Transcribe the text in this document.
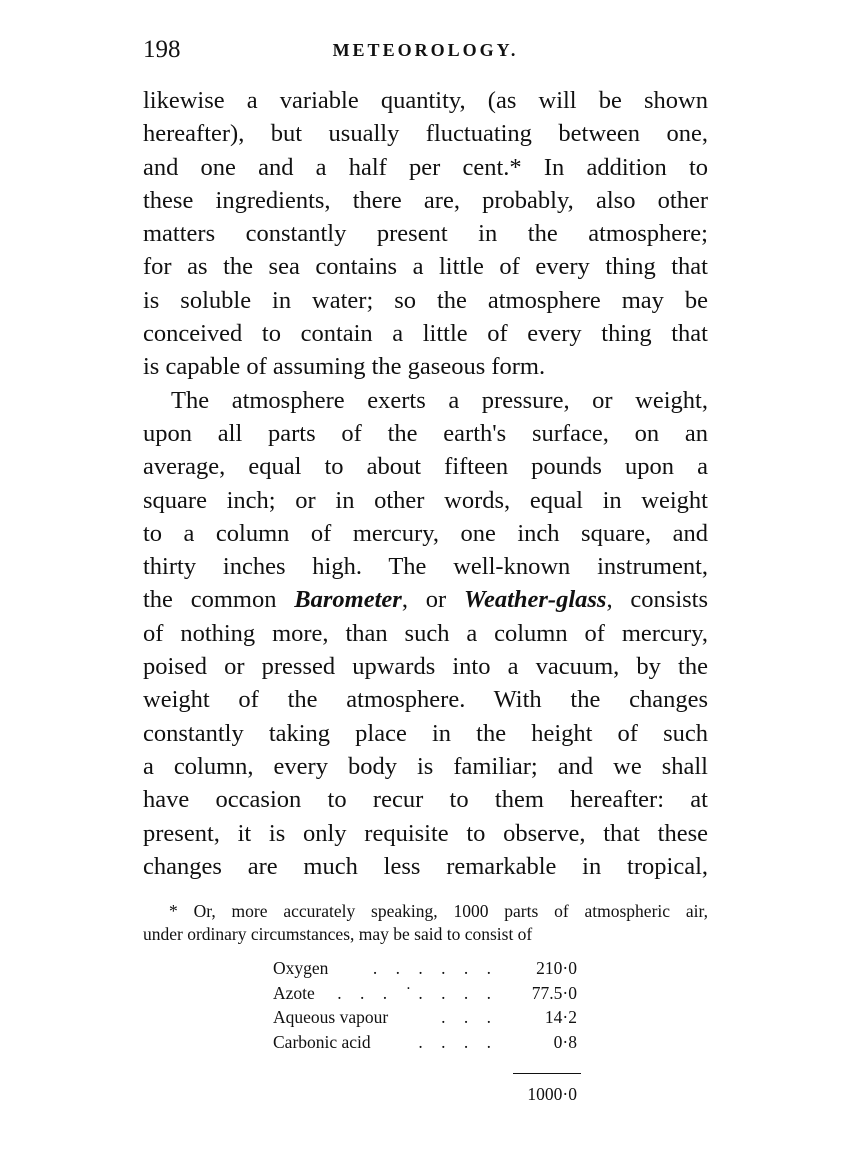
198	METEOROLOGY.
likewise a variable quantity, (as will be shown
hereafter), but usually fluctuating between one,
and one and a half per cent.* In addition to
these ingredients, there are, probably, also other
matters constantly present in the atmosphere;
for as the sea contains a little of every thing that
is soluble in water; so the atmosphere may be
conceived to contain a little of every thing that
is capable of assuming the gaseous form.
The atmosphere exerts a pressure, or weight,
upon all parts of the earth's surface, on an
average, equal to about fifteen pounds upon a
square inch; or in other words, equal in weight
to a column of mercury, one inch square, and
thirty inches high. The well-known instrument,
the common Barometer, or Weather-glass, consists
of nothing more, than such a column of mercury,
poised or pressed upwards into a vacuum, by the
weight of the atmosphere. With the changes
constantly taking place in the height of such
a column, every body is familiar; and we shall
have occasion to recur to them hereafter: at
present, it is only requisite to observe, that these
changes are much less remarkable in tropical,
* Or, more accurately speaking, 1000 parts of atmospheric air,
under ordinary circumstances, may be said to consist of
Oxygen	. . . . . . 210·0
Azote	. . . ˙. . . . 77.5·0
Aqueous vapour	. . .	14·2
Carbonic acid	. . . .	0·8
1000·0
